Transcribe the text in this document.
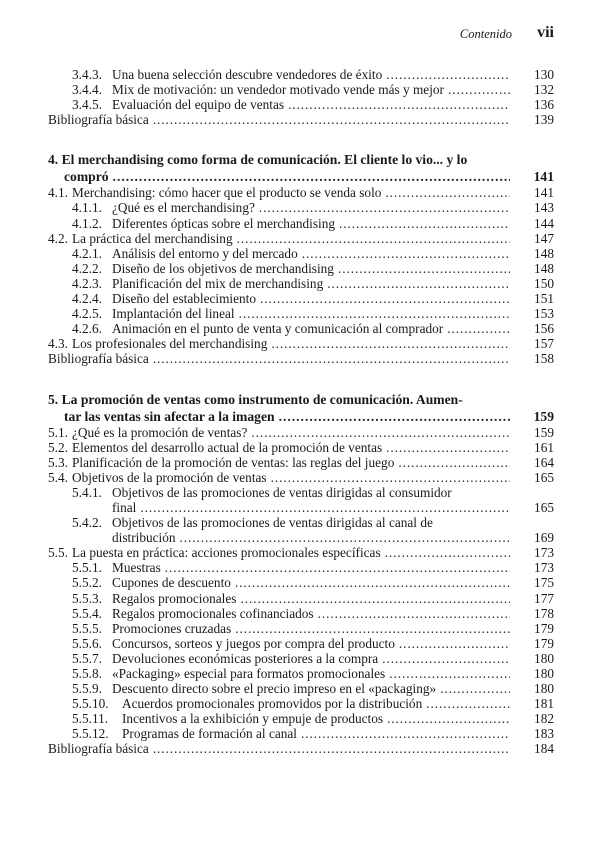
Contenido vii
3.4.3. Una buena selección descubre vendedores de éxito . . .	130
3.4.4. Mix de motivación: un vendedor motivado vende más y mejor . . .	132
3.4.5. Evaluación del equipo de ventas . . .	136
Bibliografía básica . . .	139
4. El merchandising como forma de comunicación. El cliente lo vio... y lo
compró . . .	141
4.1. Merchandising: cómo hacer que el producto se venda solo . . .	141
4.1.1. ¿Qué es el merchandising? . . .	143
4.1.2. Diferentes ópticas sobre el merchandising . . .	144
4.2. La práctica del merchandising . . .	147
4.2.1. Análisis del entorno y del mercado . . .	148
4.2.2. Diseño de los objetivos de merchandising . . .	148
4.2.3. Planificación del mix de merchandising . . .	150
4.2.4. Diseño del establecimiento . . .	151
4.2.5. Implantación del lineal . . .	153
4.2.6. Animación en el punto de venta y comunicación al comprador . . .	156
4.3. Los profesionales del merchandising . . .	157
Bibliografía básica . . .	158
5. La promoción de ventas como instrumento de comunicación. Aumen-
tar las ventas sin afectar a la imagen . . .	159
5.1. ¿Qué es la promoción de ventas? . . .	159
5.2. Elementos del desarrollo actual de la promoción de ventas . . .	161
5.3. Planificación de la promoción de ventas: las reglas del juego . . .	164
5.4. Objetivos de la promoción de ventas . . .	165
5.4.1. Objetivos de las promociones de ventas dirigidas al consumidor
final . . .	165
5.4.2. Objetivos de las promociones de ventas dirigidas al canal de
distribución . . .	169
5.5. La puesta en práctica: acciones promocionales específicas . . .	173
5.5.1. Muestras . . .	173
5.5.2. Cupones de descuento . . .	175
5.5.3. Regalos promocionales . . .	177
5.5.4. Regalos promocionales cofinanciados . . .	178
5.5.5. Promociones cruzadas . . .	179
5.5.6. Concursos, sorteos y juegos por compra del producto . . .	179
5.5.7. Devoluciones económicas posteriores a la compra . . .	180
5.5.8. «Packaging» especial para formatos promocionales . . .	180
5.5.9. Descuento directo sobre el precio impreso en el «packaging» . . .	180
5.5.10.	Acuerdos promocionales promovidos por la distribución . . .	181
5.5.11.	Incentivos a la exhibición y empuje de productos . . .	182
5.5.12.	Programas de formación al canal . . .	183
Bibliografía básica . . .	184
